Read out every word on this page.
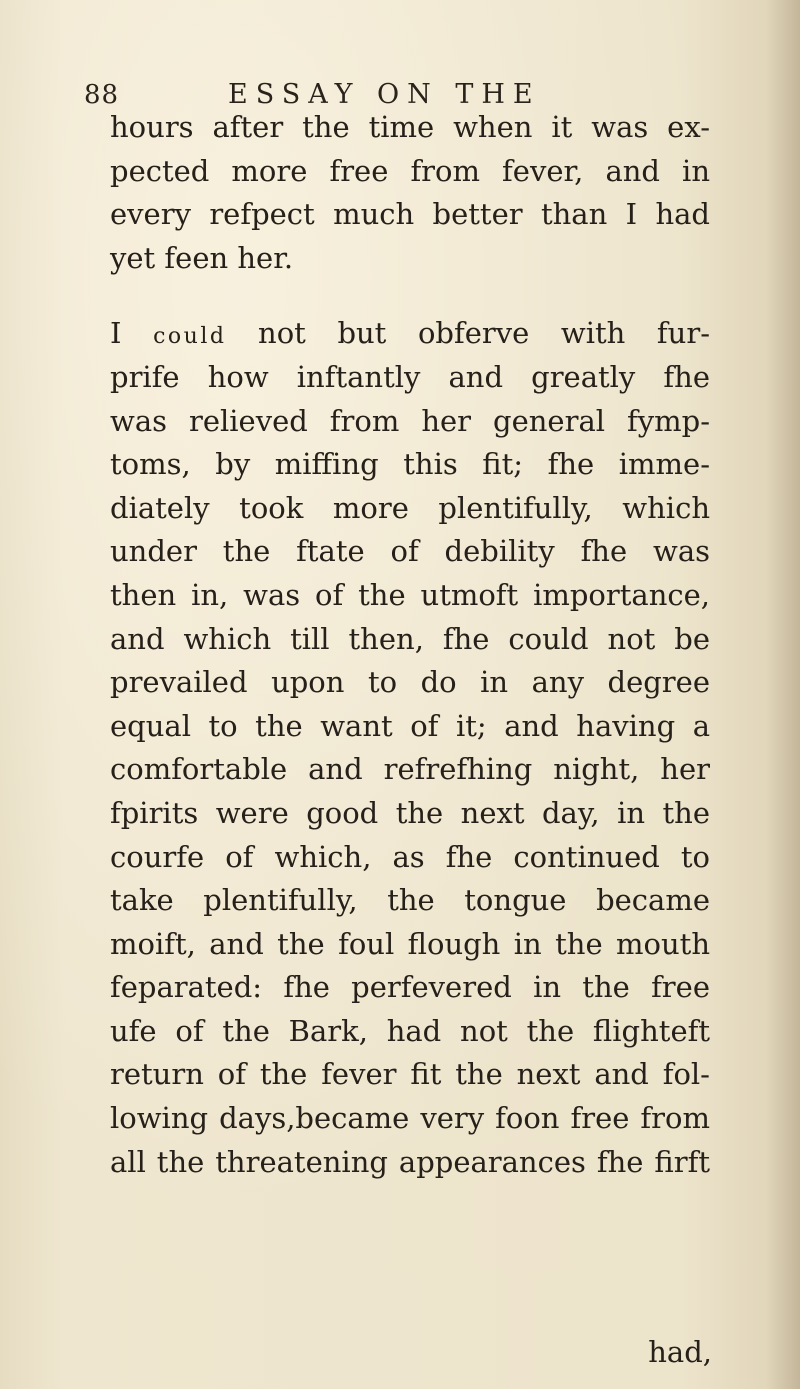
88	ESSAY ON THE
hours after the time when it was ex-
pected more free from fever, and in
every refpect much better than I had
yet feen her.
I could not but obferve with fur-
prife how inftantly and greatly fhe
was relieved from her general fymp-
toms, by miffing this fit; fhe imme-
diately took more plentifully, which
under the ftate of debility fhe was
then in, was of the utmoft importance,
and which till then, fhe could not be
prevailed upon to do in any degree
equal to the want of it; and having a
comfortable and refrefhing night, her
fpirits were good the next day, in the
courfe of which, as fhe continued to
take plentifully, the tongue became
moift, and the foul flough in the mouth
feparated: fhe perfevered in the free
ufe of the Bark, had not the flighteft
return of the fever fit the next and fol-
lowing days,became very foon free from
all the threatening appearances fhe firft
had,
